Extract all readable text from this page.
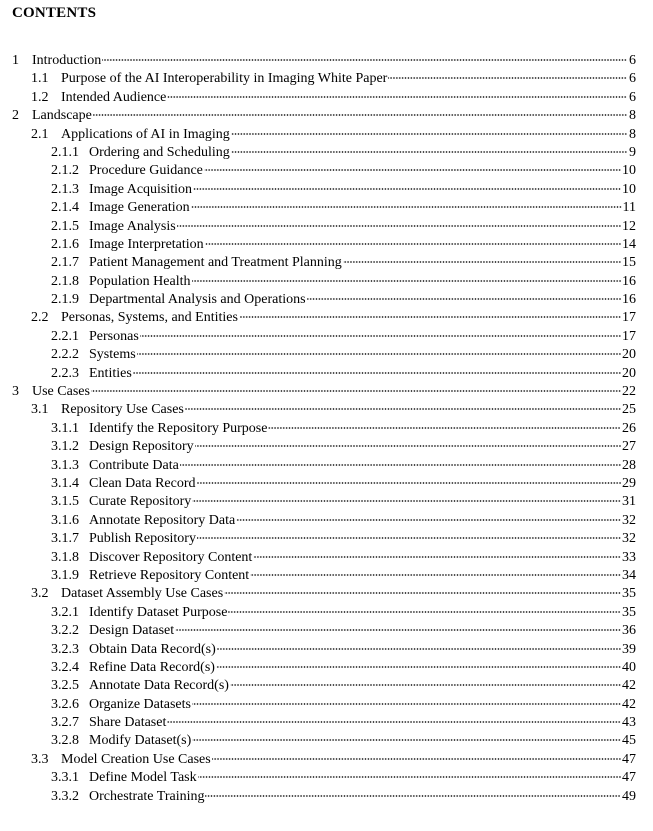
CONTENTS
1 Introduction	6
1.1 Purpose of the AI Interoperability in Imaging White Paper	6
1.2 Intended Audience	6
2 Landscape	8
2.1 Applications of AI in Imaging	8
2.1.1 Ordering and Scheduling	9
2.1.2 Procedure Guidance	10
2.1.3 Image Acquisition	10
2.1.4 Image Generation	11
2.1.5 Image Analysis	12
2.1.6 Image Interpretation	14
2.1.7 Patient Management and Treatment Planning	15
2.1.8 Population Health	16
2.1.9 Departmental Analysis and Operations	16
2.2 Personas, Systems, and Entities	17
2.2.1 Personas	17
2.2.2 Systems	20
2.2.3 Entities	20
3 Use Cases	22
3.1 Repository Use Cases	25
3.1.1 Identify the Repository Purpose	26
3.1.2 Design Repository	27
3.1.3 Contribute Data	28
3.1.4 Clean Data Record	29
3.1.5 Curate Repository	31
3.1.6 Annotate Repository Data	32
3.1.7 Publish Repository	32
3.1.8 Discover Repository Content	33
3.1.9 Retrieve Repository Content	34
3.2 Dataset Assembly Use Cases	35
3.2.1 Identify Dataset Purpose	35
3.2.2 Design Dataset	36
3.2.3 Obtain Data Record(s)	39
3.2.4 Refine Data Record(s)	40
3.2.5 Annotate Data Record(s)	42
3.2.6 Organize Datasets	42
3.2.7 Share Dataset	43
3.2.8 Modify Dataset(s)	45
3.3 Model Creation Use Cases	47
3.3.1 Define Model Task	47
3.3.2 Orchestrate Training	49
